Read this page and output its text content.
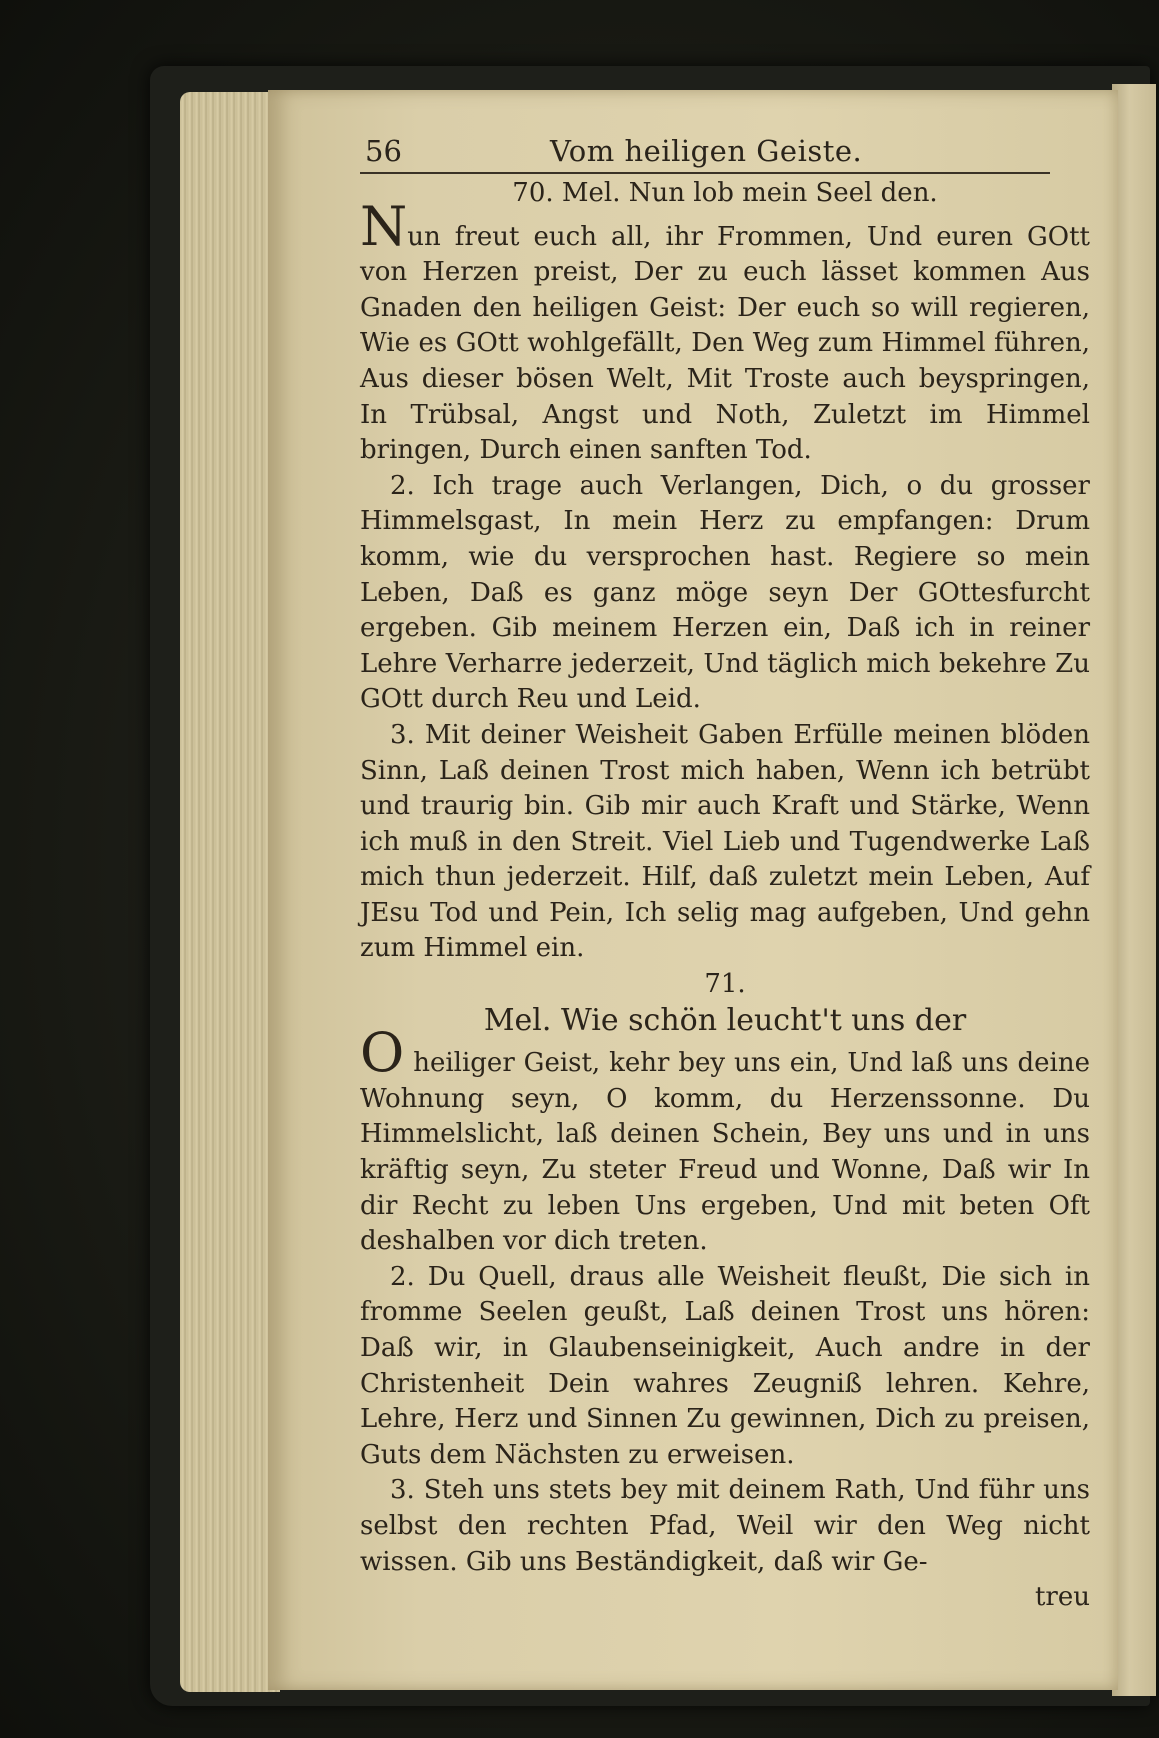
56	Vom heiligen Geiste.

70. Mel. Nun lob mein Seel den.

Nun freut euch all, ihr Frommen, Und euren GOtt von Herzen preist, Der zu euch lässet kommen Aus Gnaden den heiligen Geist: Der euch so will regieren, Wie es GOtt wohlgefällt, Den Weg zum Himmel führen, Aus dieser bösen Welt, Mit Troste auch beyspringen, In Trübsal, Angst und Noth, Zuletzt im Himmel bringen, Durch einen sanften Tod.

2. Ich trage auch Verlangen, Dich, o du grosser Himmelsgast, In mein Herz zu empfangen: Drum komm, wie du versprochen hast. Regiere so mein Leben, Daß es ganz möge seyn Der GOttesfurcht ergeben. Gib meinem Herzen ein, Daß ich in reiner Lehre Verharre jederzeit, Und täglich mich bekehre Zu GOtt durch Reu und Leid.

3. Mit deiner Weisheit Gaben Erfülle meinen blöden Sinn, Laß deinen Trost mich haben, Wenn ich betrübt und traurig bin. Gib mir auch Kraft und Stärke, Wenn ich muß in den Streit. Viel Lieb und Tugendwerke Laß mich thun jederzeit. Hilf, daß zuletzt mein Leben, Auf JEsu Tod und Pein, Ich selig mag aufgeben, Und gehn zum Himmel ein.

71.

Mel. Wie schön leucht't uns der

O heiliger Geist, kehr bey uns ein, Und laß uns deine Wohnung seyn, O komm, du Herzenssonne. Du Himmelslicht, laß deinen Schein, Bey uns und in uns kräftig seyn, Zu steter Freud und Wonne, Daß wir In dir Recht zu leben Uns ergeben, Und mit beten Oft deshalben vor dich treten.

2. Du Quell, draus alle Weisheit fleußt, Die sich in fromme Seelen geußt, Laß deinen Trost uns hören: Daß wir, in Glaubenseinigkeit, Auch andre in der Christenheit Dein wahres Zeugniß lehren. Kehre, Lehre, Herz und Sinnen Zu gewinnen, Dich zu preisen, Guts dem Nächsten zu erweisen.

3. Steh uns stets bey mit deinem Rath, Und führ uns selbst den rechten Pfad, Weil wir den Weg nicht wissen. Gib uns Beständigkeit, daß wir Ge-

treu
